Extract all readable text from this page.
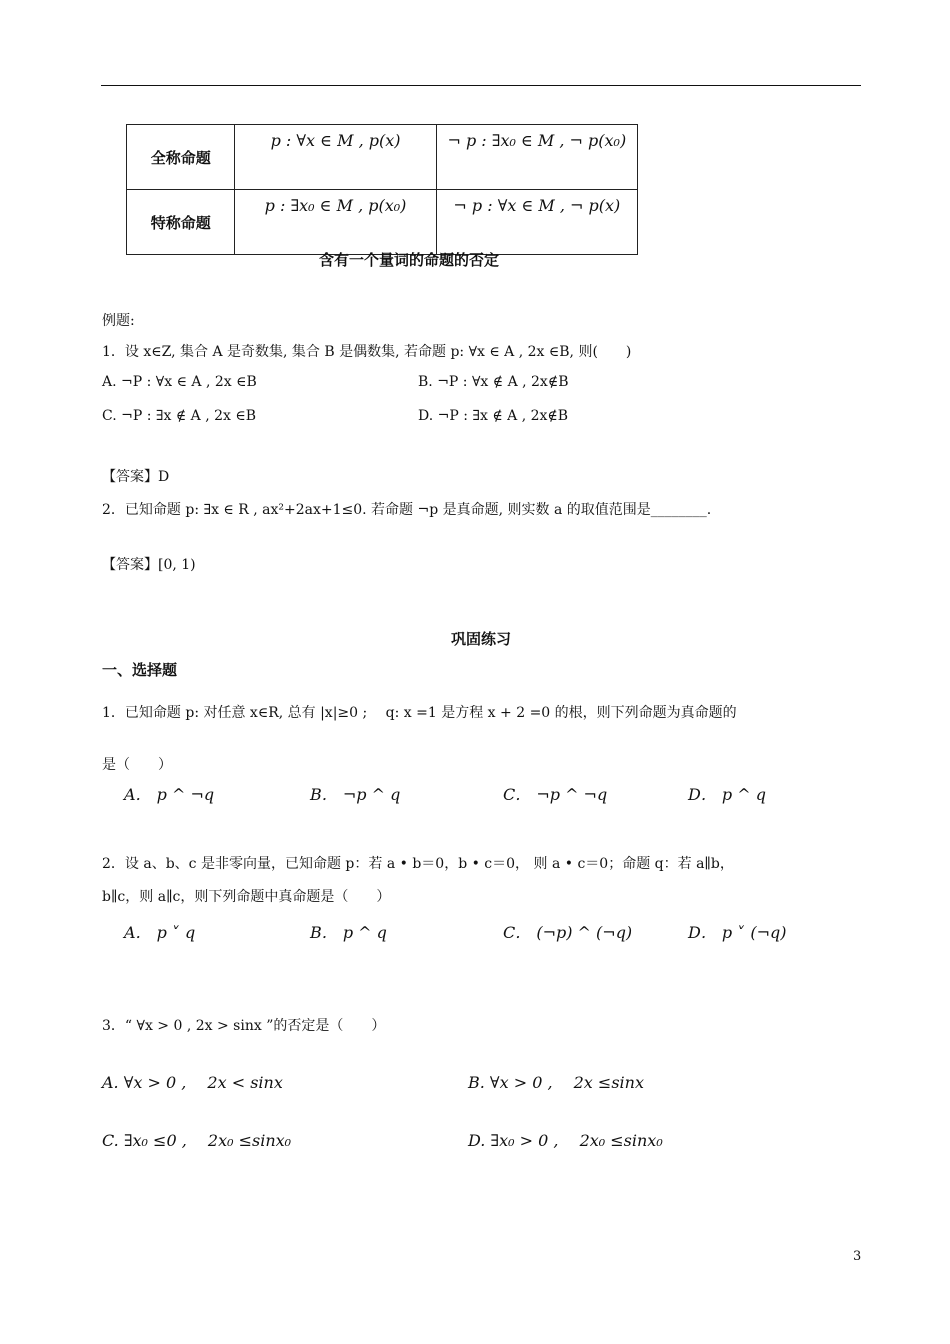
全称命题	p : ∀x ∈ M , p(x)	¬ p : ∃x₀ ∈ M , ¬ p(x₀)
特称命题	p : ∃x₀ ∈ M , p(x₀)	¬ p : ∀x ∈ M , ¬ p(x)
含有一个量词的命题的否定
例题:
1．设 x∈Z, 集合 A 是奇数集, 集合 B 是偶数集, 若命题 p: ∀x ∈ A , 2x ∈B, 则(　　)
A. ¬P : ∀x ∈ A , 2x ∈B	B. ¬P : ∀x ∉ A , 2x∉B
C. ¬P : ∃x ∉ A , 2x ∈B	D. ¬P : ∃x ∉ A , 2x∉B
【答案】D
2．已知命题 p: ∃x ∈ R , ax²+2ax+1≤0. 若命题 ¬p 是真命题, 则实数 a 的取值范围是________.
【答案】[0, 1)
巩固练习
一、选择题
1．已知命题 p: 对任意 x∈R, 总有 |x|≥0 ;　 q: x =1 是方程 x + 2 =0 的根，则下列命题为真命题的
是（　　）
A． p ^ ¬q	B． ¬p ^ q	C． ¬p ^ ¬q	D． p ^ q
2．设 a、b、c 是非零向量，已知命题 p：若 a • b＝0，b • c＝0， 则 a • c＝0；命题 q：若 a∥b，
b∥c，则 a∥c，则下列命题中真命题是（　　）
A． p ˅ q	B． p ^ q	C． (¬p) ^ (¬q)	D． p ˅ (¬q)
3．“ ∀x > 0 , 2x > sinx ”的否定是（　　）
A. ∀x > 0 ,　 2x < sinx	B. ∀x > 0 ,　 2x ≤sinx
C. ∃x₀ ≤0 ,　 2x₀ ≤sinx₀	D. ∃x₀ > 0 ,　 2x₀ ≤sinx₀
3
